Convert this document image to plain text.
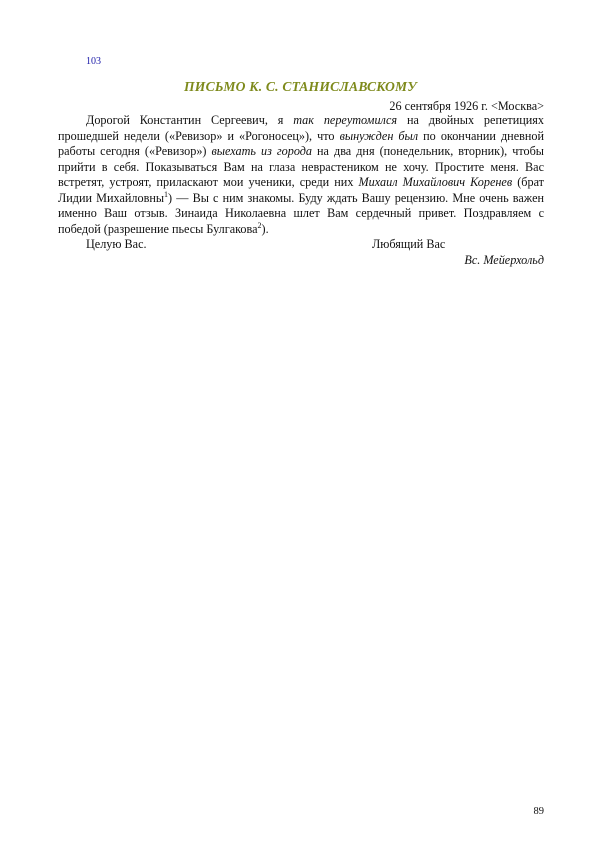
103
ПИСЬМО К. С. СТАНИСЛАВСКОМУ
26 сентября 1926 г. <Москва>

Дорогой Константин Сергеевич, я так переутомился на двойных репетициях прошедшей недели («Ревизор» и «Рогоносец»), что вынужден был по окончании дневной работы сегодня («Ревизор») выехать из города на два дня (понедельник, вторник), чтобы прийти в себя. Показываться Вам на глаза неврастеником не хочу. Простите меня. Вас встретят, устроят, приласкают мои ученики, среди них Михаил Михайлович Коренев (брат Лидии Михайловны$^1$) — Вы с ним знакомы. Буду ждать Вашу рецензию. Мне очень важен именно Ваш отзыв. Зинаида Николаевна шлет Вам сердечный привет. Поздравляем с победой (разрешение пьесы Булгакова$^2$).

Целую Вас.	Любящий Вас
Вс. Мейерхольд
89
